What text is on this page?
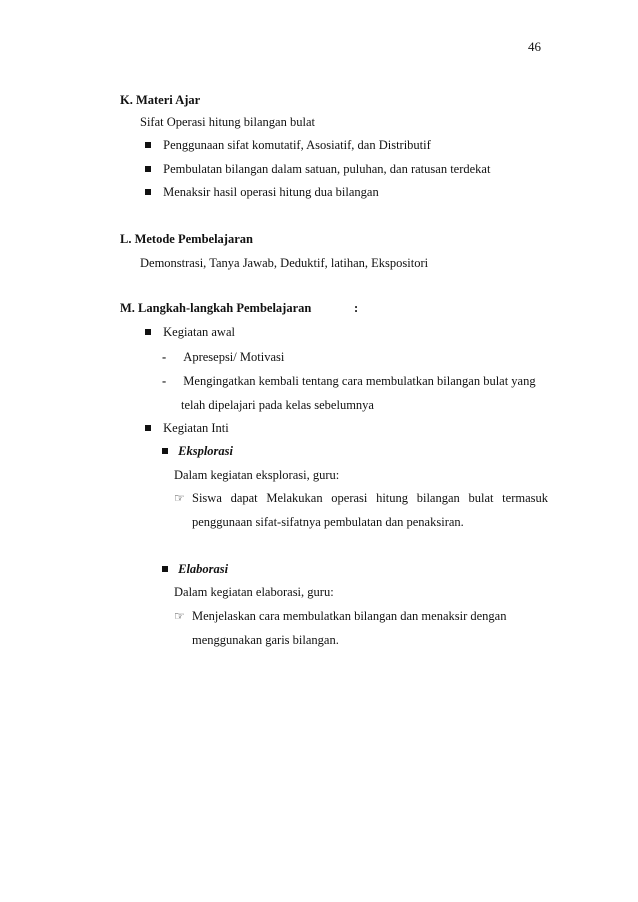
46
K. Materi Ajar
Sifat Operasi hitung bilangan bulat
Penggunaan sifat komutatif, Asosiatif, dan Distributif
Pembulatan bilangan dalam satuan, puluhan, dan ratusan terdekat
Menaksir hasil operasi hitung dua bilangan
L. Metode Pembelajaran
Demonstrasi, Tanya Jawab, Deduktif, latihan, Ekspositori
M. Langkah-langkah Pembelajaran	:
Kegiatan awal
- Apresepsi/ Motivasi
- Mengingatkan kembali tentang cara membulatkan bilangan bulat yang
telah dipelajari pada kelas sebelumnya
Kegiatan Inti
Eksplorasi
Dalam kegiatan eksplorasi, guru:
☞ Siswa dapat Melakukan operasi hitung bilangan bulat termasuk
penggunaan sifat-sifatnya pembulatan dan penaksiran.
Elaborasi
Dalam kegiatan elaborasi, guru:
☞ Menjelaskan cara membulatkan bilangan dan menaksir dengan
menggunakan garis bilangan.
